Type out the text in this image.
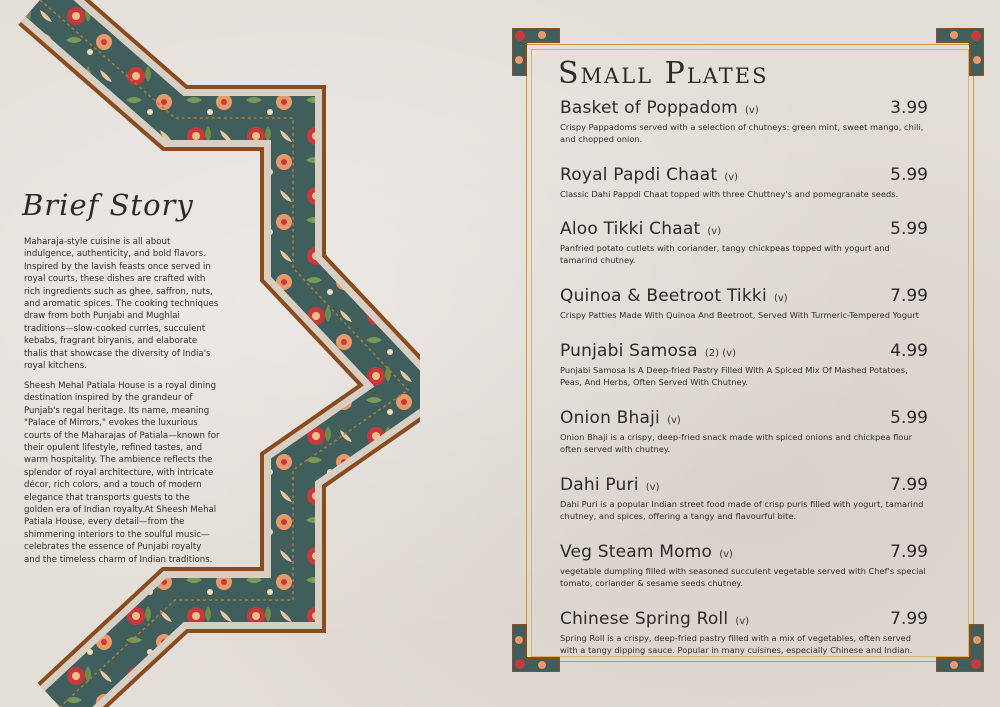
Brief Story

Maharaja-style cuisine is all about indulgence, authenticity, and bold flavors. Inspired by the lavish feasts once served in royal courts, these dishes are crafted with rich ingredients such as ghee, saffron, nuts, and aromatic spices. The cooking techniques draw from both Punjabi and Mughlai traditions—slow-cooked curries, succulent kebabs, fragrant biryanis, and elaborate thalis that showcase the diversity of India's royal kitchens.

Sheesh Mehal Patiala House is a royal dining destination inspired by the grandeur of Punjab's regal heritage. Its name, meaning "Palace of Mirrors," evokes the luxurious courts of the Maharajas of Patiala—known for their opulent lifestyle, refined tastes, and warm hospitality. The ambience reflects the splendor of royal architecture, with intricate décor, rich colors, and a touch of modern elegance that transports guests to the golden era of Indian royalty.At Sheesh Mehal Patiala House, every detail—from the shimmering interiors to the soulful music—celebrates the essence of Punjabi royalty and the timeless charm of Indian traditions.

Small Plates
Basket of Poppadom (v)	3.99
Crispy Pappadoms served with a selection of chutneys: green mint, sweet mango, chili, and chopped onion.
Royal Papdi Chaat (v)	5.99
Classic Dahi Pappdi Chaat topped with three Chuttney's and pomegranate seeds.
Aloo Tikki Chaat (v)	5.99
Panfried potato cutlets with coriander, tangy chickpeas topped with yogurt and tamarind chutney.
Quinoa & Beetroot Tikki (v)	7.99
Crispy Patties Made With Quinoa And Beetroot, Served With Turmeric-Tempered Yogurt
Punjabi Samosa (2) (v)	4.99
Punjabi Samosa Is A Deep-fried Pastry Filled With A Spiced Mix Of Mashed Potatoes, Peas, And Herbs, Often Served With Chutney.
Onion Bhaji (v)	5.99
Onion Bhaji is a crispy, deep-fried snack made with spiced onions and chickpea flour often served with chutney.
Dahi Puri (v)	7.99
Dahi Puri is a popular Indian street food made of crisp puris filled with yogurt, tamarind chutney, and spices, offering a tangy and flavourful bite.
Veg Steam Momo (v)	7.99
vegetable dumpling filled with seasoned succulent vegetable served with Chef's special tomato, coriander & sesame seeds chutney.
Chinese Spring Roll (v)	7.99
Spring Roll is a crispy, deep-fried pastry filled with a mix of vegetables, often served with a tangy dipping sauce. Popular in many cuisines, especially Chinese and Indian.
